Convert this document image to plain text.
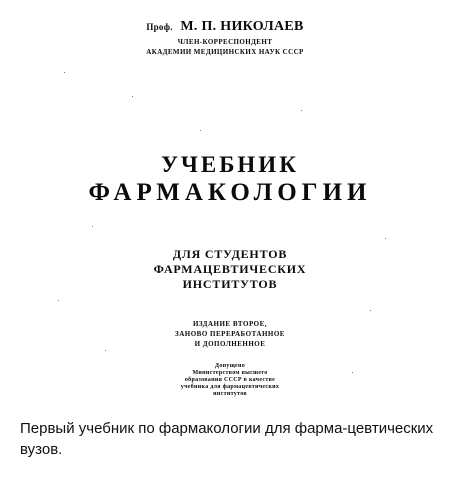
Проф. М. П. НИКОЛАЕВ
ЧЛЕН-КОРРЕСПОНДЕНТ
АКАДЕМИИ МЕДИЦИНСКИХ НАУК СССР
УЧЕБНИК
ФАРМАКОЛОГИИ
ДЛЯ СТУДЕНТОВ
ФАРМАЦЕВТИЧЕСКИХ
ИНСТИТУТОВ
ИЗДАНИЕ ВТОРОЕ,
ЗАНОВО ПЕРЕРАБОТАННОЕ
И ДОПОЛНЕННОЕ
Допущено
Министерством высшего
образования СССР в качестве
учебника для фармацевтических
институтов
Первый учебник по фармакологии для фарма-цевтических вузов.
